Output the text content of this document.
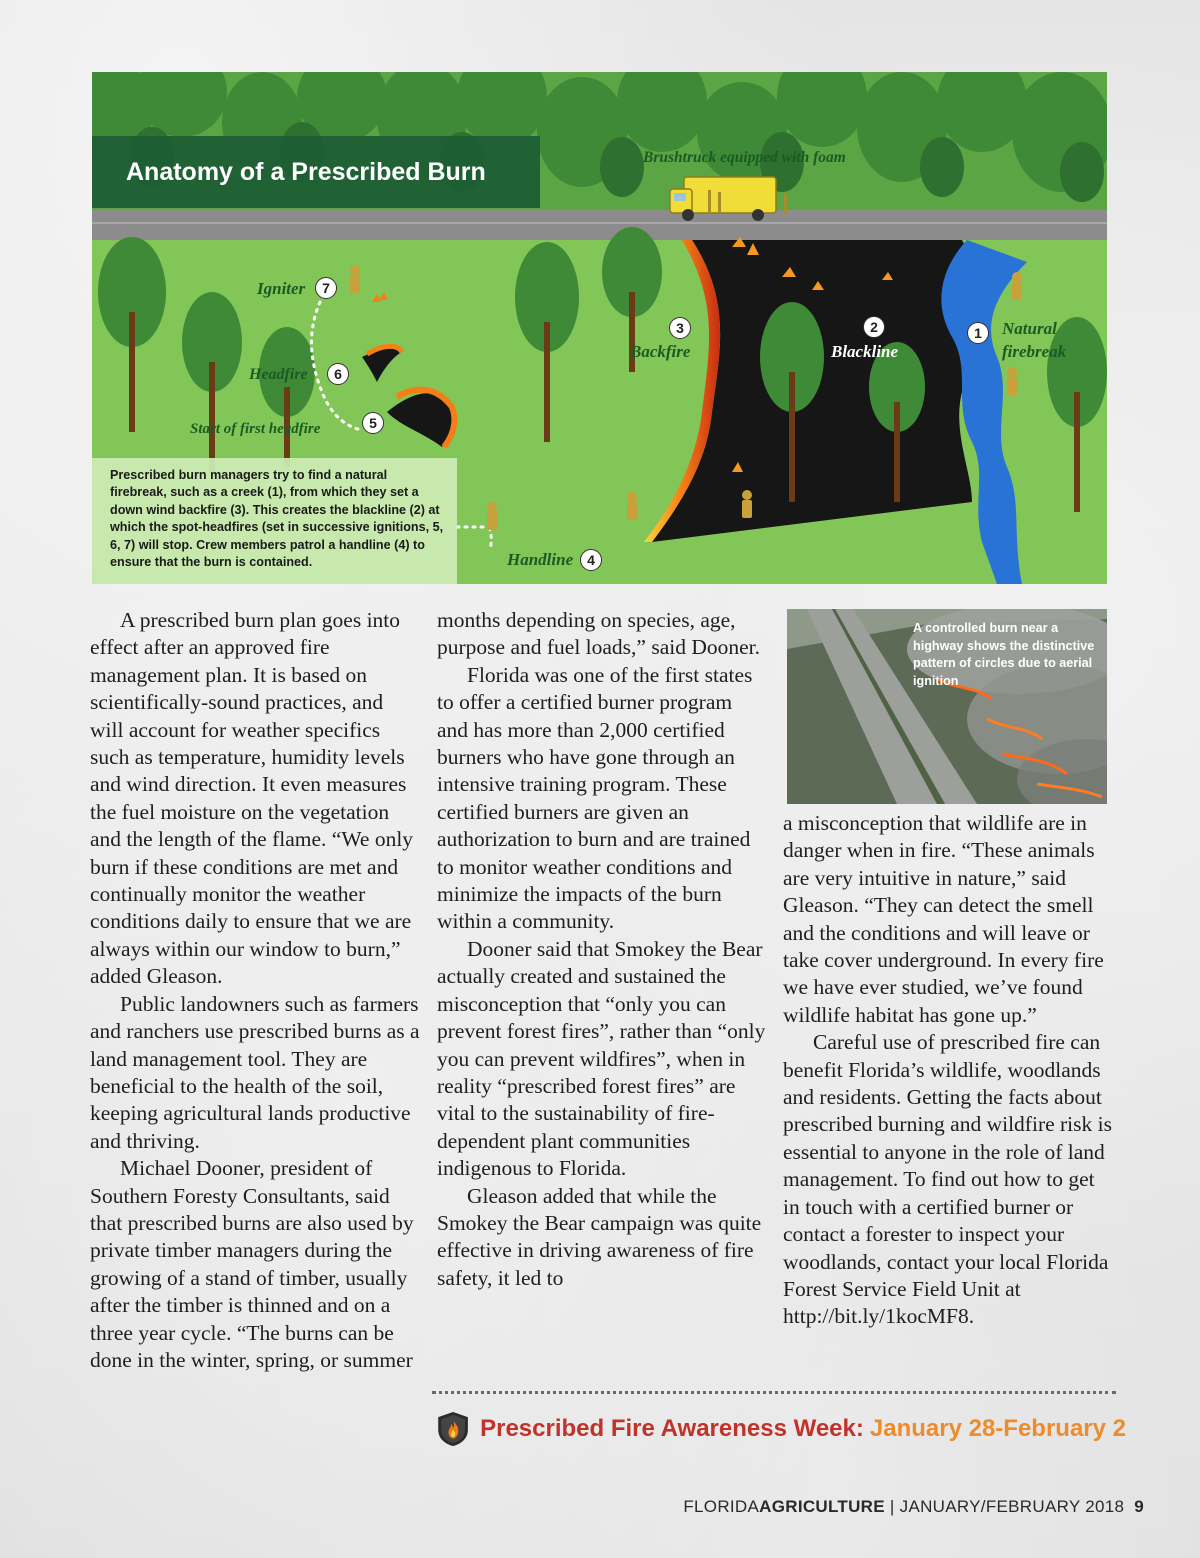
Anatomy of a Prescribed Burn	Brushtruck equipped with foam
Igniter	7
Headfire	6
Start of first headfire	5
3
Backfire
2
Blackline
1	Natural
firebreak
Handline 4

Prescribed burn managers try to find a natural firebreak, such as a creek (1), from which they set a down wind backfire (3). This creates the blackline (2) at which the spot-headfires (set in successive ignitions, 5, 6, 7) will stop. Crew members patrol a handline (4) to ensure that the burn is contained.

A controlled burn near a highway shows the distinctive pattern of circles due to aerial ignition

A prescribed burn plan goes into effect after an approved fire management plan. It is based on scientifically-sound practices, and will account for weather specifics such as temperature, humidity levels and wind direction. It even measures the fuel moisture on the vegetation and the length of the flame. “We only burn if these conditions are met and continually monitor the weather conditions daily to ensure that we are always within our window to burn,” added Gleason.

Public landowners such as farmers and ranchers use prescribed burns as a land management tool. They are beneficial to the health of the soil, keeping agricultural lands productive and thriving.

Michael Dooner, president of Southern Foresty Consultants, said that prescribed burns are also used by private timber managers during the growing of a stand of timber, usually after the timber is thinned and on a three year cycle. “The burns can be done in the winter, spring, or summer

months depending on species, age, purpose and fuel loads,” said Dooner.

Florida was one of the first states to offer a certified burner program and has more than 2,000 certified burners who have gone through an intensive training program. These certified burners are given an authorization to burn and are trained to monitor weather conditions and minimize the impacts of the burn within a community.

Dooner said that Smokey the Bear actually created and sustained the misconception that “only you can prevent forest fires”, rather than “only you can prevent wildfires”, when in reality “prescribed forest fires” are vital to the sustainability of fire-dependent plant communities indigenous to Florida.

Gleason added that while the Smokey the Bear campaign was quite effective in driving awareness of fire safety, it led to

a misconception that wildlife are in danger when in fire. “These animals are very intuitive in nature,” said Gleason. “They can detect the smell and the conditions and will leave or take cover underground. In every fire we have ever studied, we’ve found wildlife habitat has gone up.”

Careful use of prescribed fire can benefit Florida’s wildlife, woodlands and residents. Getting the facts about prescribed burning and wildfire risk is essential to anyone in the role of land management. To find out how to get in touch with a certified burner or contact a forester to inspect your woodlands, contact your local Florida Forest Service Field Unit at http://bit.ly/1kocMF8.

Prescribed Fire Awareness Week: January 28-February 2
FLORIDAAGRICULTURE | JANUARY/FEBRUARY 2018 9
